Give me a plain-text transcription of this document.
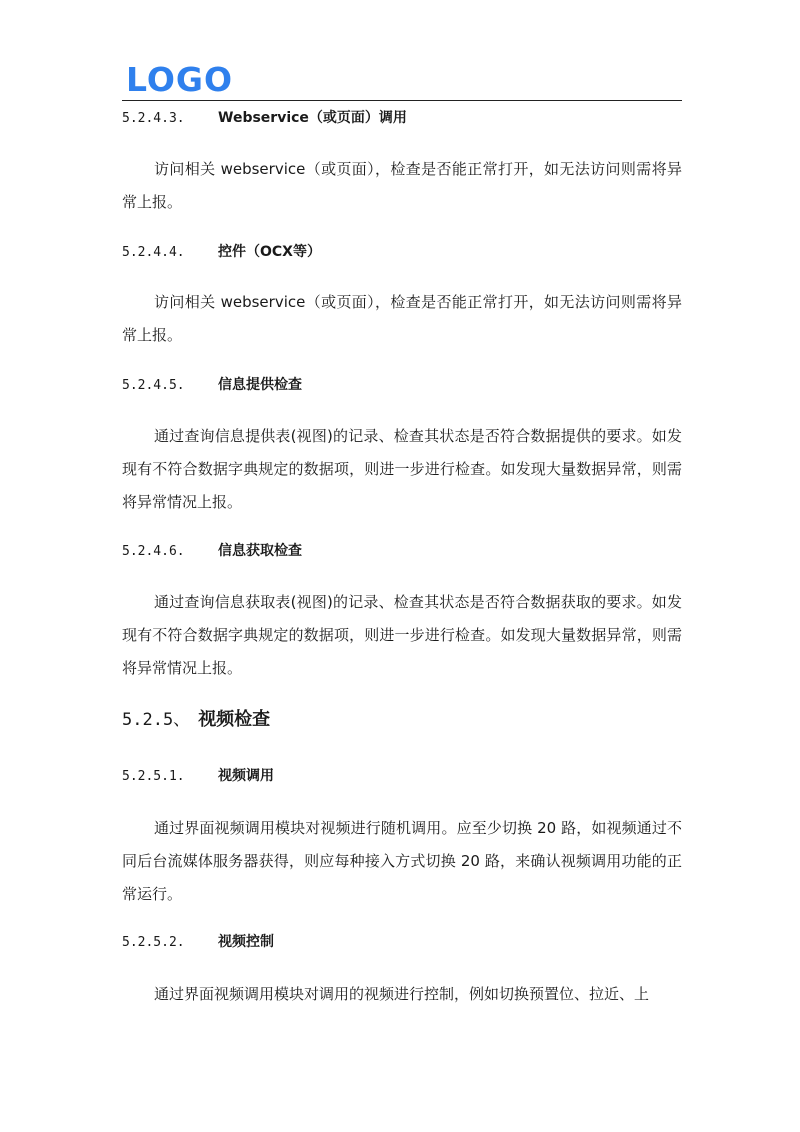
LOGO
5.2.4.3. Webservice（或页面）调用
访问相关 webservice（或页面），检查是否能正常打开，如无法访问则需将异常上报。
5.2.4.4. 控件（OCX等）
访问相关 webservice（或页面），检查是否能正常打开，如无法访问则需将异常上报。
5.2.4.5. 信息提供检查
通过查询信息提供表(视图)的记录、检查其状态是否符合数据提供的要求。如发现有不符合数据字典规定的数据项，则进一步进行检查。如发现大量数据异常，则需将异常情况上报。
5.2.4.6. 信息获取检查
通过查询信息获取表(视图)的记录、检查其状态是否符合数据获取的要求。如发现有不符合数据字典规定的数据项，则进一步进行检查。如发现大量数据异常，则需将异常情况上报。
5.2.5、 视频检查
5.2.5.1. 视频调用
通过界面视频调用模块对视频进行随机调用。应至少切换 20 路，如视频通过不同后台流媒体服务器获得，则应每种接入方式切换 20 路，来确认视频调用功能的正常运行。
5.2.5.2. 视频控制
通过界面视频调用模块对调用的视频进行控制，例如切换预置位、拉近、上
